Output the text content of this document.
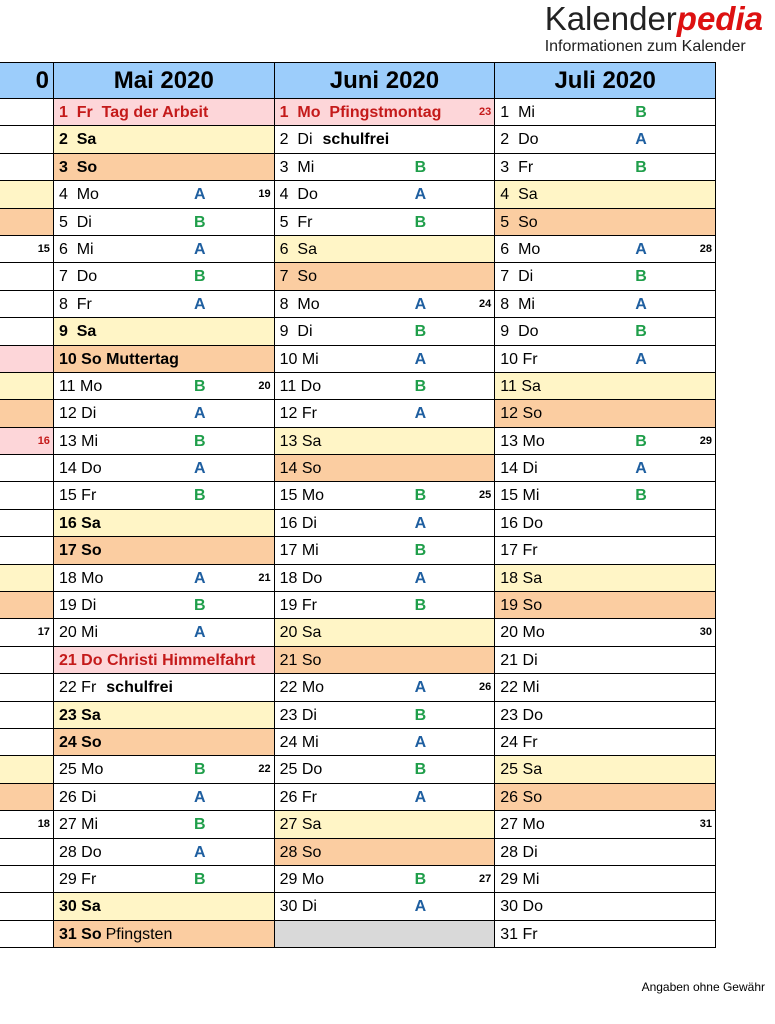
Kalenderpedia
Informationen zum Kalender
0	Mai 2020	Juni 2020	Juli 2020

	1  Fr  Tag der Arbeit	1  Mo  Pfingstmontag 23	1  Mi B

	2  Sa	2  Di schulfrei	2  Do A

	3  So	3  Mi B	3  Fr B

	4  Mo A 19	4  Do A	4  Sa

	5  Di B	5  Fr B	5  So

15	6  Mi A	6  Sa	6  Mo A 28

	7  Do B	7  So	7  Di B

	8  Fr A	8  Mo A 24	8  Mi A

	9  Sa	9  Di B	9  Do B

	10 So Muttertag	10 Mi A	10 Fr A

	11 Mo B 20	11 Do B	11 Sa

	12 Di A	12 Fr A	12 So

16	13 Mi B	13 Sa	13 Mo B 29

	14 Do A	14 So	14 Di A

	15 Fr B	15 Mo B 25	15 Mi B

	16 Sa	16 Di A	16 Do

	17 So	17 Mi B	17 Fr

	18 Mo A 21	18 Do A	18 Sa

	19 Di B	19 Fr B	19 So

17	20 Mi A	20 Sa	20 Mo 30

	21 Do Christi Himmelfahrt	21 So	21 Di

	22 Fr schulfrei	22 Mo A 26	22 Mi

	23 Sa	23 Di B	23 Do

	24 So	24 Mi A	24 Fr

	25 Mo B 22	25 Do B	25 Sa

	26 Di A	26 Fr A	26 So

18	27 Mi B	27 Sa	27 Mo 31

	28 Do A	28 So	28 Di

	29 Fr B	29 Mo B 27	29 Mi

	30 Sa	30 Di A	30 Do

	31 So Pfingsten		31 Fr
Angaben ohne Gewähr
